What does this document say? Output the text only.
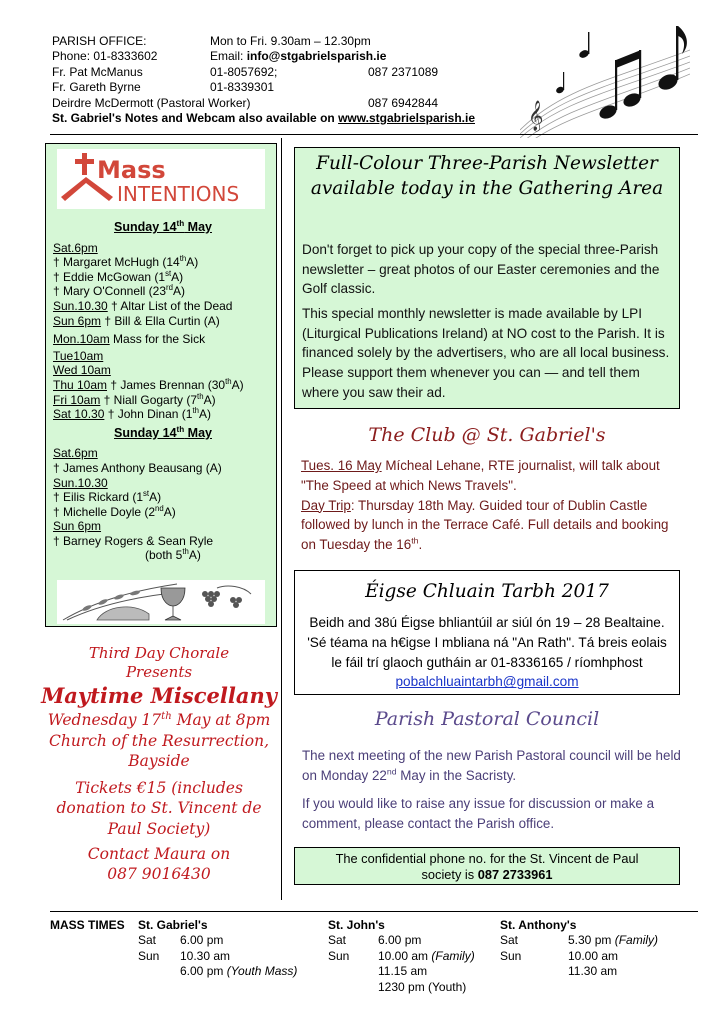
PARISH OFFICE:	Mon to Fri. 9.30am – 12.30pm
Phone: 01-8333602	Email: info@stgabrielsparish.ie
Fr. Pat McManus	01-8057692;	087 2371089
Fr. Gareth Byrne	01-8339301
Deirdre McDermott (Pastoral Worker)	087 6942844
St. Gabriel's Notes and Webcam also available on www.stgabrielsparish.ie	𝄞
Mass
INTENTIONS
Sunday 14th May
Sat.6pm
† Margaret McHugh (14thA)
† Eddie McGowan (1stA)
† Mary O'Connell (23rdA)
Sun.10.30 † Altar List of the Dead
Sun 6pm † Bill & Ella Curtin (A)
Mon.10am Mass for the Sick
Tue10am
Wed 10am
Thu 10am † James Brennan (30thA)
Fri 10am † Niall Gogarty (7thA)
Sat 10.30 † John Dinan (1thA)
Sunday 14th May
Sat.6pm
† James Anthony Beausang (A)
Sun.10.30
† Eilis Rickard (1stA)
† Michelle Doyle (2ndA)
Sun 6pm
† Barney Rogers & Sean Ryle
(both 5thA)
Third Day Chorale
Presents
Maytime Miscellany
Wednesday 17th May at 8pm
Church of the Resurrection,
Bayside
Tickets €15 (includes
donation to St. Vincent de
Paul Society)
Contact Maura on
087 9016430
Full-Colour Three-Parish Newsletter available today in the Gathering Area
Don't forget to pick up your copy of the special three-Parish newsletter – great photos of our Easter ceremonies and the Golf classic.
This special monthly newsletter is made available by LPI (Liturgical Publications Ireland) at NO cost to the Parish. It is financed solely by the advertisers, who are all local business. Please support them whenever you can — and tell them where you saw their ad.
The Club @ St. Gabriel's
Tues. 16 May Mícheal Lehane, RTE journalist, will talk about "The Speed at which News Travels".
Day Trip: Thursday 18th May. Guided tour of Dublin Castle followed by lunch in the Terrace Café. Full details and booking on Tuesday the 16th.
Éigse Chluain Tarbh 2017
Beidh and 38ú Éigse bhliantúil ar siúl ón 19 – 28 Bealtaine. 'Sé téama na h€igse I mbliana ná "An Rath". Tá breis eolais le fáil trí glaoch gutháin ar 01-8336165 / ríomhphost pobalchluaintarbh@gmail.com
Parish Pastoral Council
The next meeting of the new Parish Pastoral council will be held on Monday 22nd May in the Sacristy.
If you would like to raise any issue for discussion or make a comment, please contact the Parish office.
The confidential phone no. for the St. Vincent de Paul
society is 087 2733961
MASS TIMES St. Gabriel's
Sat	6.00 pm
Sun	10.30 am
6.00 pm (Youth Mass)
St. John's
Sat	6.00 pm
Sun	10.00 am (Family)
11.15 am
1230 pm (Youth)
St. Anthony's
Sat	5.30 pm (Family)
Sun	10.00 am
11.30 am
